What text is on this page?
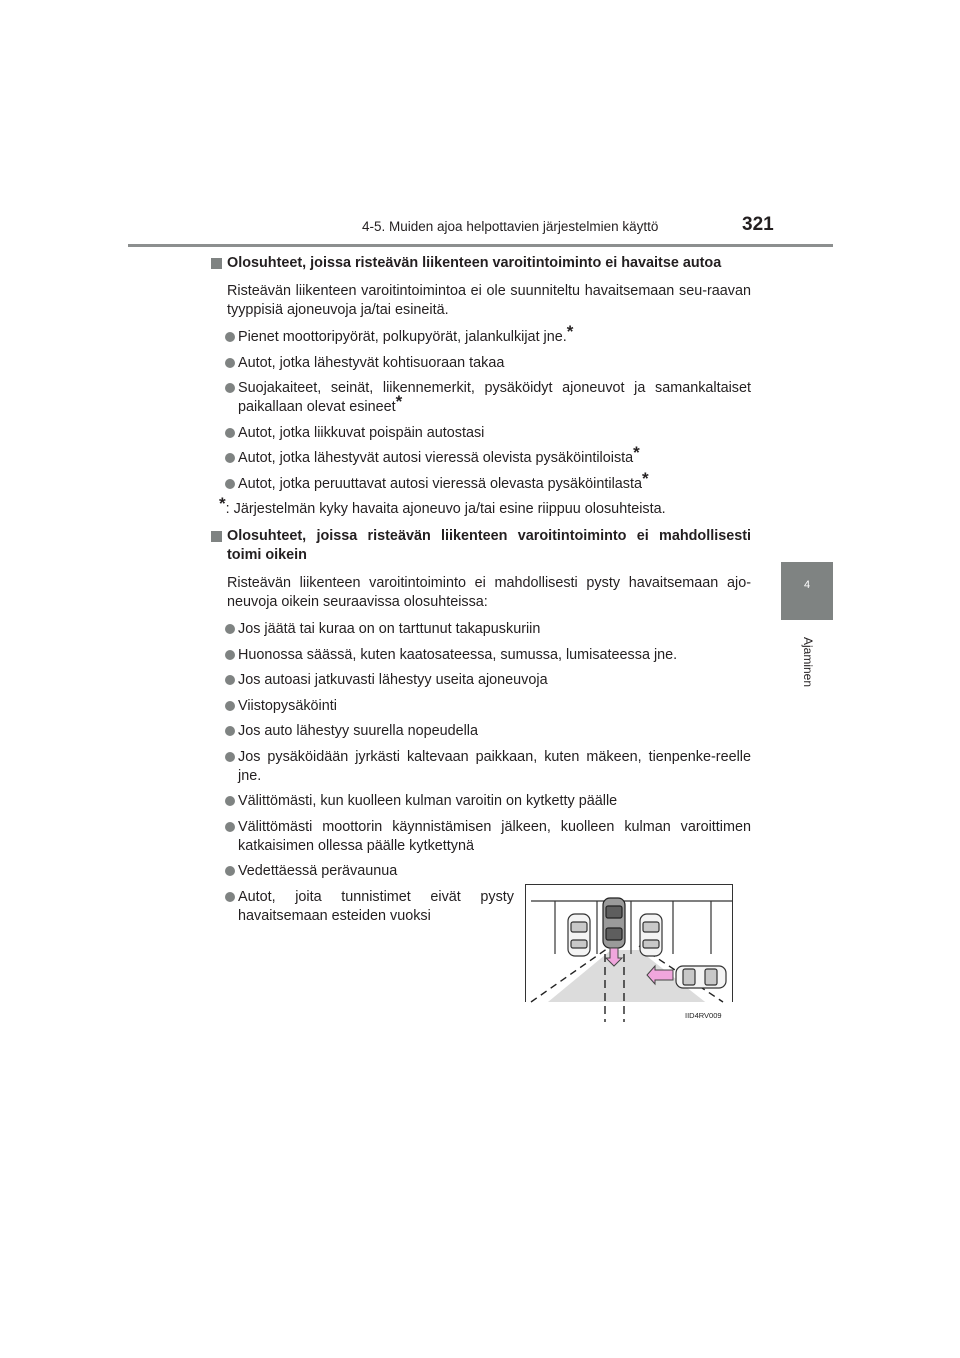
4-5. Muiden ajoa helpottavien järjestelmien käyttö	321
4
Ajaminen
Olosuhteet, joissa risteävän liikenteen varoitintoiminto ei havaitse autoa
Risteävän liikenteen varoitintoimintoa ei ole suunniteltu havaitsemaan seu-raavan tyyppisiä ajoneuvoja ja/tai esineitä.
Pienet moottoripyörät, polkupyörät, jalankulkijat jne.*
Autot, jotka lähestyvät kohtisuoraan takaa
Suojakaiteet, seinät, liikennemerkit, pysäköidyt ajoneuvot ja samankaltaiset paikallaan olevat esineet*
Autot, jotka liikkuvat poispäin autostasi
Autot, jotka lähestyvät autosi vieressä olevista pysäköintiloista*
Autot, jotka peruuttavat autosi vieressä olevasta pysäköintilasta*
*: Järjestelmän kyky havaita ajoneuvo ja/tai esine riippuu olosuhteista.
Olosuhteet, joissa risteävän liikenteen varoitintoiminto ei mahdollisesti toimi oikein
Risteävän liikenteen varoitintoiminto ei mahdollisesti pysty havaitsemaan ajo-neuvoja oikein seuraavissa olosuhteissa:
Jos jäätä tai kuraa on on tarttunut takapuskuriin
Huonossa säässä, kuten kaatosateessa, sumussa, lumisateessa jne.
Jos autoasi jatkuvasti lähestyy useita ajoneuvoja
Viistopysäköinti
Jos auto lähestyy suurella nopeudella
Jos pysäköidään jyrkästi kaltevaan paikkaan, kuten mäkeen, tienpenke-reelle jne.
Välittömästi, kun kuolleen kulman varoitin on kytketty päälle
Välittömästi moottorin käynnistämisen jälkeen, kuolleen kulman varoittimen katkaisimen ollessa päälle kytkettynä
Vedettäessä perävaunua
Autot, joita tunnistimet eivät pysty havaitsemaan esteiden vuoksi
IID4RV009
